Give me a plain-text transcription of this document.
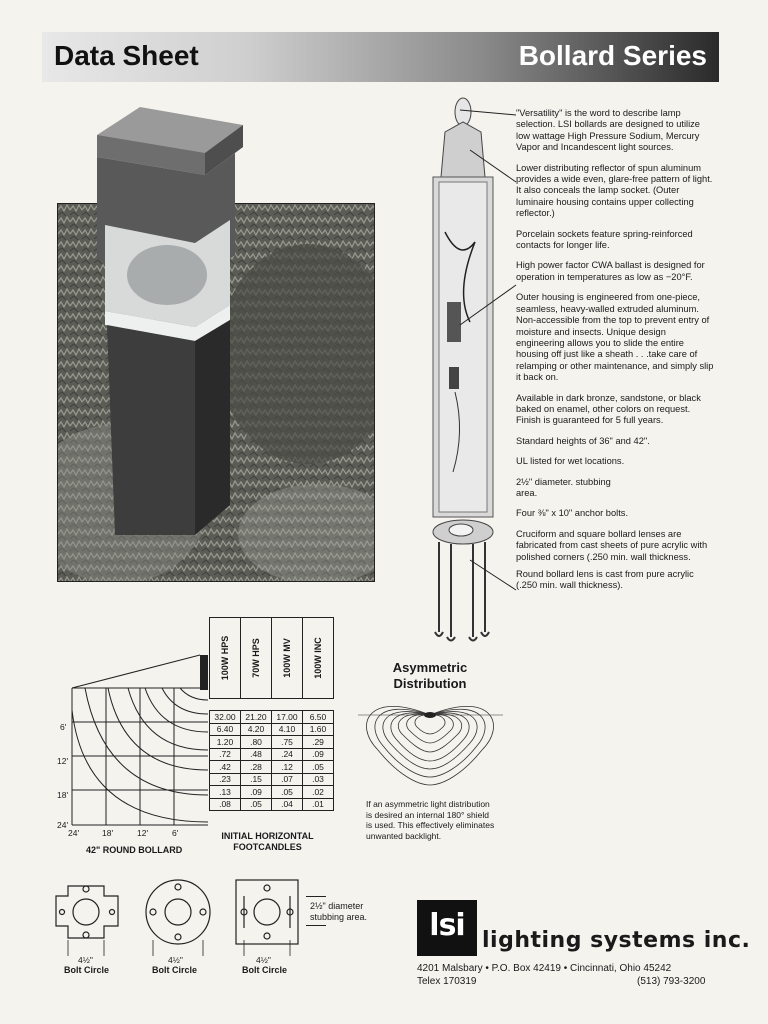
Data Sheet	Bollard Series

"Versatility" is the word to describe lamp selection. LSI bollards are designed to utilize low wattage High Pressure Sodium, Mercury Vapor and Incandescent light sources.

Lower distributing reflector of spun aluminum provides a wide even, glare-free pattern of light. It also conceals the lamp socket. (Outer luminaire housing contains upper collecting reflector.)

Porcelain sockets feature spring-reinforced contacts for longer life.

High power factor CWA ballast is designed for operation in temperatures as low as −20°F.

Outer housing is engineered from one-piece, seamless, heavy-walled extruded aluminum. Non-accessible from the top to prevent entry of moisture and insects. Unique design engineering allows you to slide the entire housing off just like a sheath . . .take care of relamping or other maintenance, and simply slip it back on.

Available in dark bronze, sandstone, or black baked on enamel, other colors on request. Finish is guaranteed for 5 full years.

Standard heights of 36" and 42".

UL listed for wet locations.

2½" diameter. stubbing area.

Four ⅜" x 10" anchor bolts.

Cruciform and square bollard lenses are fabricated from cast sheets of pure acrylic with polished corners (.250 min. wall thickness.

Round bollard lens is cast from pure acrylic (.250 min. wall thickness).

100W HPS	70W HPS	100W MV	100W INC

32.00	21.20	17.00	6.50
6.40	4.20	4.10	1.60
1.20	.80	.75	.29
.72	.48	.24	.09
.42	.28	.12	.05
.23	.15	.07	.03
.13	.09	.05	.02
.08	.05	.04	.01
INITIAL HORIZONTAL
FOOTCANDLES
6'
12'
18'
24'
24'	18'	12'	6'
42" ROUND BOLLARD
Asymmetric
Distribution
If an asymmetric light distribution is desired an internal 180° shield is used. This effectively eliminates unwanted backlight.
4½"	4½"	4½"
Bolt Circle	Bolt Circle	Bolt Circle
2½" diameter
stubbing area.	lsi lighting systems inc.
4201 Malsbary • P.O. Box 42419 • Cincinnati, Ohio 45242
Telex 170319	(513) 793-3200
